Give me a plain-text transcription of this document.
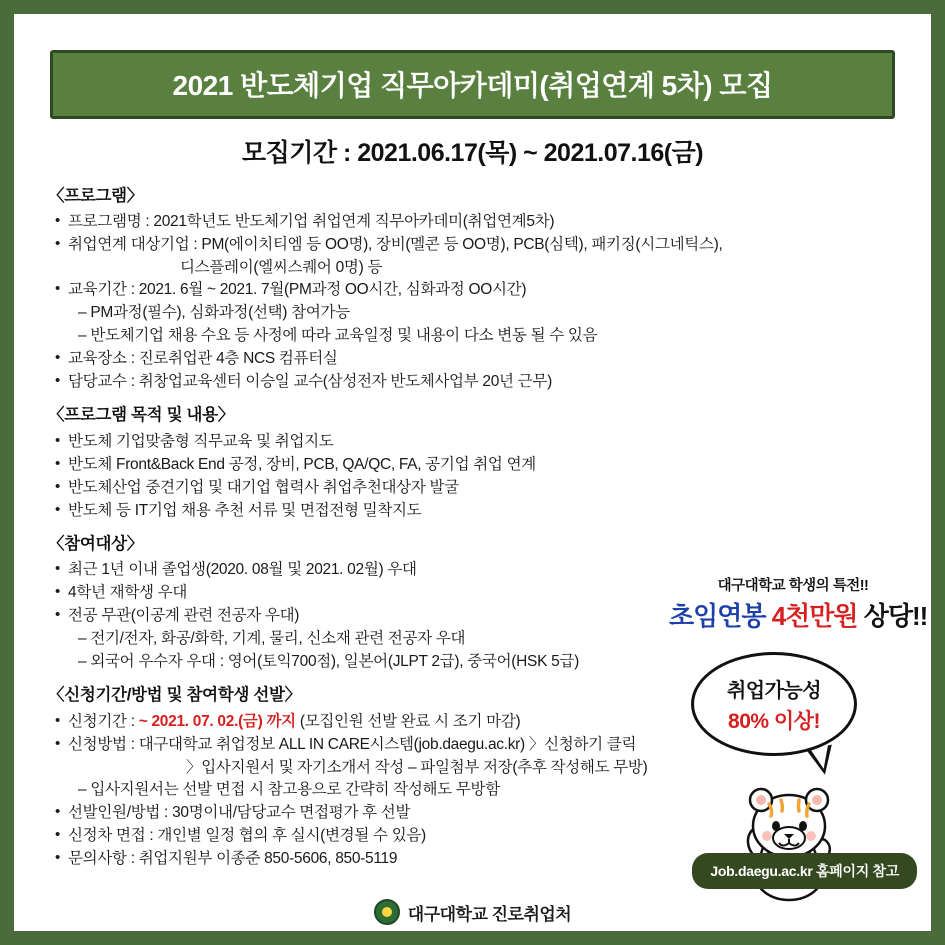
2021 반도체기업 직무아카데미(취업연계 5차) 모집
모집기간 : 2021.06.17(목) ~ 2021.07.16(금)
〈프로그램〉
• 프로그램명 : 2021학년도 반도체기업 취업연계 직무아카데미(취업연계5차)
• 취업연계 대상기업 : PM(에이치티엠 등 OO명), 장비(멜콘 등 OO명), PCB(심텍), 패키징(시그네틱스),
디스플레이(엘씨스퀘어 0명) 등
• 교육기간 : 2021. 6월 ~ 2021. 7월(PM과정 OO시간, 심화과정 OO시간)
– PM과정(필수), 심화과정(선택) 참여가능
– 반도체기업 채용 수요 등 사정에 따라 교육일정 및 내용이 다소 변동 될 수 있음
• 교육장소 : 진로취업관 4층 NCS 컴퓨터실
• 담당교수 : 취창업교육센터 이승일 교수(삼성전자 반도체사업부 20년 근무)
〈프로그램 목적 및 내용〉
• 반도체 기업맞춤형 직무교육 및 취업지도
• 반도체 Front&Back End 공정, 장비, PCB, QA/QC, FA, 공기업 취업 연계
• 반도체산업 중견기업 및 대기업 협력사 취업추천대상자 발굴
• 반도체 등 IT기업 채용 추천 서류 및 면접전형 밀착지도
〈참여대상〉
• 최근 1년 이내 졸업생(2020. 08월 및 2021. 02월) 우대
• 4학년 재학생 우대
• 전공 무관(이공계 관련 전공자 우대)
– 전기/전자, 화공/화학, 기계, 물리, 신소재 관련 전공자 우대
– 외국어 우수자 우대 : 영어(토익700점), 일본어(JLPT 2급), 중국어(HSK 5급)
〈신청기간/방법 및 참여학생 선발〉
• 신청기간 : ~ 2021. 07. 02.(금) 까지 (모집인원 선발 완료 시 조기 마감)
• 신청방법 : 대구대학교 취업정보 ALL IN CARE시스템(job.daegu.ac.kr) 〉신청하기 클릭
〉입사지원서 및 자기소개서 작성 – 파일첨부 저장(추후 작성해도 무방)
– 입사지원서는 선발 면접 시 참고용으로 간략히 작성해도 무방함
• 선발인원/방법 : 30명이내/담당교수 면접평가 후 선발
• 신정차 면접 : 개인별 일정 협의 후 실시(변경될 수 있음)
• 문의사항 : 취업지원부 이종준 850-5606, 850-5119
대구대학교 학생의 특전!!
초임연봉 4천만원 상당!!
취업가능성
80% 이상!
Job.daegu.ac.kr 홈페이지 참고
대구대학교 진로취업처
